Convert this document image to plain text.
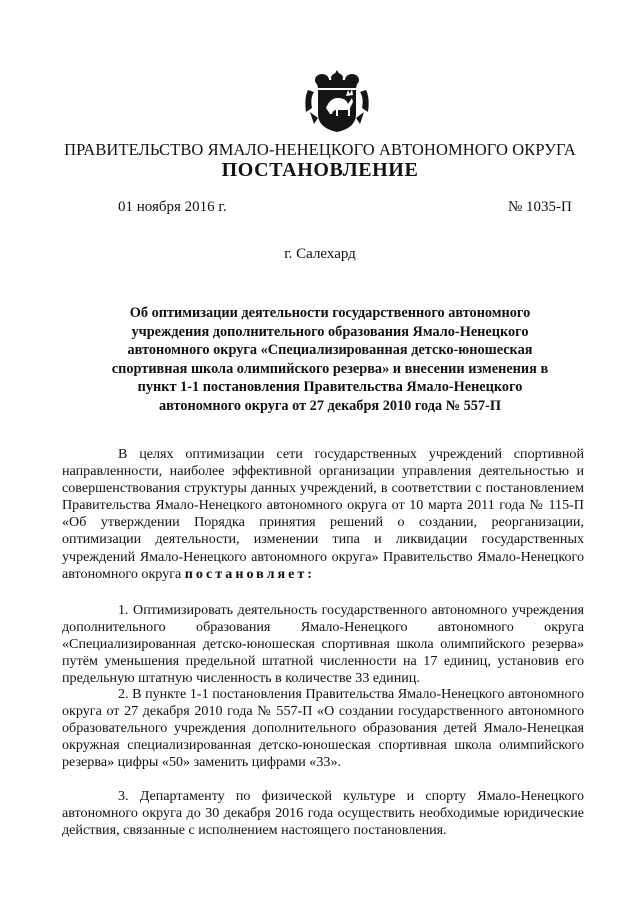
ПРАВИТЕЛЬСТВО ЯМАЛО-НЕНЕЦКОГО АВТОНОМНОГО ОКРУГА
ПОСТАНОВЛЕНИЕ
01 ноября 2016 г.	№ 1035-П
г. Салехард
Об оптимизации деятельности государственного автономного учреждения дополнительного образования Ямало-Ненецкого автономного округа «Специализированная детско-юношеская спортивная школа олимпийского резерва» и внесении изменения в пункт 1-1 постановления Правительства Ямало-Ненецкого автономного округа от 27 декабря 2010 года № 557-П
В целях оптимизации сети государственных учреждений спортивной направленности, наиболее эффективной организации управления деятельностью и совершенствования структуры данных учреждений, в соответствии с постановлением Правительства Ямало-Ненецкого автономного округа от 10 марта 2011 года № 115-П «Об утверждении Порядка принятия решений о создании, реорганизации, оптимизации деятельности, изменении типа и ликвидации государственных учреждений Ямало-Ненецкого автономного округа» Правительство Ямало-Ненецкого автономного округа постановляет:
1. Оптимизировать деятельность государственного автономного учреждения дополнительного образования Ямало-Ненецкого автономного округа «Специализированная детско-юношеская спортивная школа олимпийского резерва» путём уменьшения предельной штатной численности на 17 единиц, установив его предельную штатную численность в количестве 33 единиц.
2. В пункте 1-1 постановления Правительства Ямало-Ненецкого автономного округа от 27 декабря 2010 года № 557-П «О создании государственного автономного образовательного учреждения дополнительного образования детей Ямало-Ненецкая окружная специализированная детско-юношеская спортивная школа олимпийского резерва» цифры «50» заменить цифрами «33».
3. Департаменту по физической культуре и спорту Ямало-Ненецкого автономного округа до 30 декабря 2016 года осуществить необходимые юридические действия, связанные с исполнением настоящего постановления.
